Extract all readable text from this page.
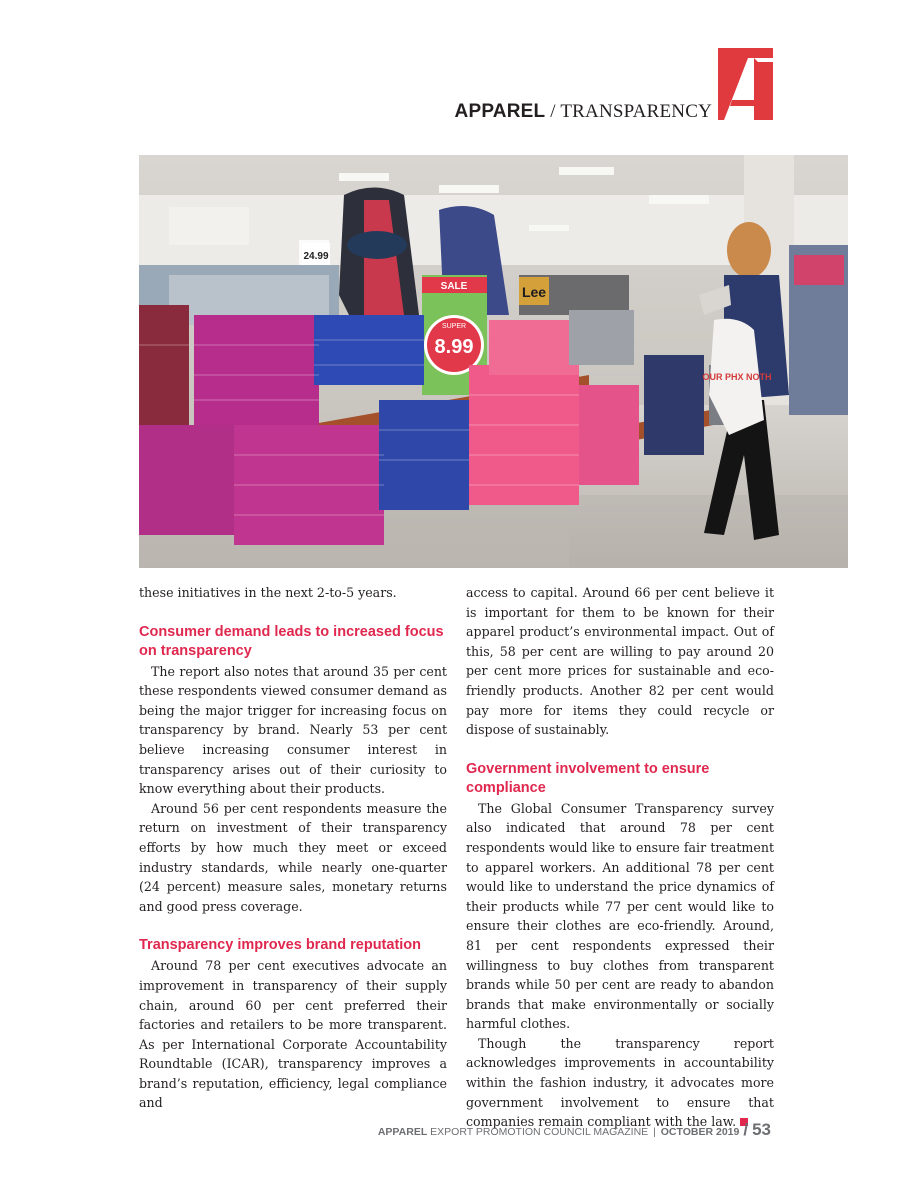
APPAREL / TRANSPARENCY
SALE
SUPER
8.99
24.99
Lee
OUR PHX NOTH

these initiatives in the next 2-to-5 years.

Consumer demand leads to increased focus on transparency

The report also notes that around 35 per cent these respondents viewed consumer demand as being the major trigger for increasing focus on transparency by brand. Nearly 53 per cent believe increasing consumer interest in transparency arises out of their curiosity to know everything about their products.

Around 56 per cent respondents measure the return on investment of their transparency efforts by how much they meet or exceed industry standards, while nearly one-quarter (24 percent) measure sales, monetary returns and good press coverage.

Transparency improves brand reputation

Around 78 per cent executives advocate an improvement in transparency of their supply chain, around 60 per cent preferred their factories and retailers to be more transparent. As per International Corporate Accountability Roundtable (ICAR), transparency improves a brand’s reputation, efficiency, legal compliance and

access to capital. Around 66 per cent believe it is important for them to be known for their apparel product’s environmental impact. Out of this, 58 per cent are willing to pay around 20 per cent more prices for sustainable and eco-friendly products. Another 82 per cent would pay more for items they could recycle or dispose of sustainably.

Government involvement to ensure compliance

The Global Consumer Transparency survey also indicated that around 78 per cent respondents would like to ensure fair treatment to apparel workers. An additional 78 per cent would like to understand the price dynamics of their products while 77 per cent would like to ensure their clothes are eco-friendly. Around, 81 per cent respondents expressed their willingness to buy clothes from transparent brands while 50 per cent are ready to abandon brands that make environmentally or socially harmful clothes.

Though the transparency report acknowledges improvements in accountability within the fashion industry, it advocates more government involvement to ensure that companies remain compliant with the law.

APPAREL EXPORT PROMOTION COUNCIL MAGAZINE | OCTOBER 2019 / 53
